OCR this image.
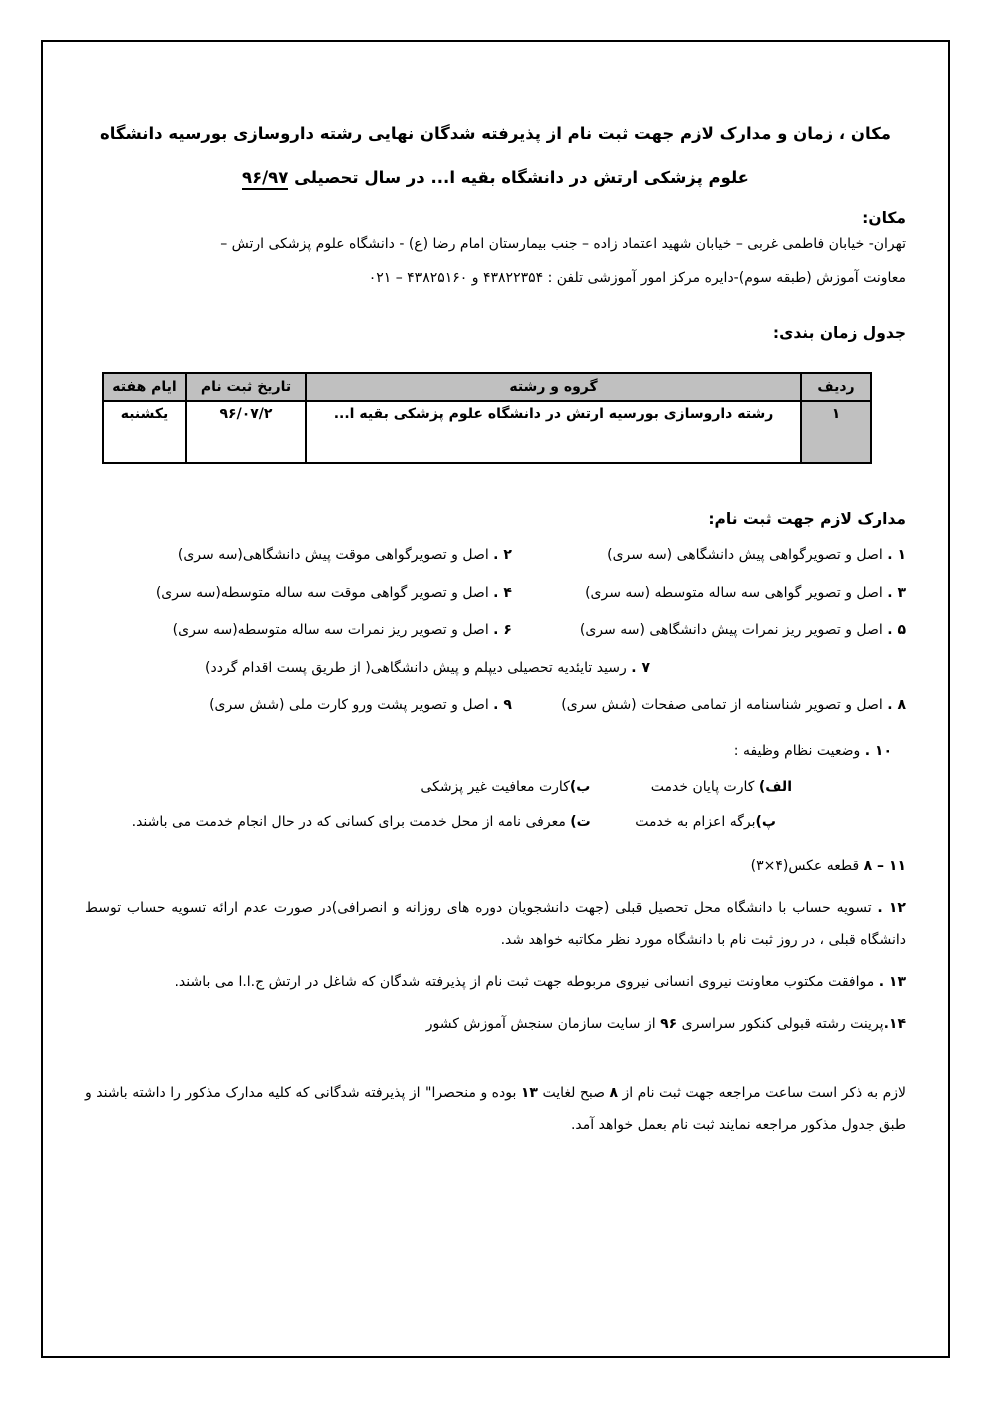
مکان ، زمان و مدارک لازم جهت ثبت نام از پذیرفته شدگان نهایی رشته داروسازی بورسیه دانشگاه
علوم پزشکی ارتش در دانشگاه بقیه ا... در سال تحصیلی ۹۶/۹۷
مکان:
تهران- خیابان فاطمی غربی – خیابان شهید اعتماد زاده – جنب بیمارستان امام رضا (ع) - دانشگاه علوم پزشکی ارتش –
معاونت آموزش (طبقه سوم)-دایره مرکز امور آموزشی تلفن : ۴۳۸۲۲۳۵۴ و ۴۳۸۲۵۱۶۰ – ۰۲۱
جدول زمان بندی:
ردیف	گروه و رشته	تاریخ ثبت نام	ایام هفته
۱	رشته داروسازی بورسیه ارتش در دانشگاه علوم پزشکی بقیه ا...	۹۶/۰۷/۲	یکشنبه
مدارک لازم جهت ثبت نام:
۱ . اصل و تصویرگواهی پیش دانشگاهی (سه سری)
۲ . اصل و تصویرگواهی موقت پیش دانشگاهی(سه سری)
۳ . اصل و تصویر گواهی سه ساله متوسطه (سه سری)
۴ . اصل و تصویر گواهی موقت سه ساله متوسطه(سه سری)
۵ . اصل و تصویر ریز نمرات پیش دانشگاهی (سه سری)
۶ . اصل و تصویر ریز نمرات سه ساله متوسطه(سه سری)
۷ . رسید تایئدیه تحصیلی دیپلم و پیش دانشگاهی( از طریق پست اقدام گردد)
۸ . اصل و تصویر شناسنامه از تمامی صفحات (شش سری)
۹ . اصل و تصویر پشت ورو کارت ملی (شش سری)
۱۰ . وضعیت نظام وظیفه :
الف) کارت پایان خدمت ب)کارت معافیت غیر پزشکی
پ)برگه اعزام به خدمت ت) معرفی نامه از محل خدمت برای کسانی که در حال انجام خدمت می باشند.
۱۱ – ۸ قطعه عکس(۴×۳)
۱۲ . تسویه حساب با دانشگاه محل تحصیل قبلی (جهت دانشجویان دوره های روزانه و انصرافی)در صورت عدم ارائه تسویه حساب توسط دانشگاه قبلی ، در روز ثبت نام با دانشگاه مورد نظر مکاتبه خواهد شد.
۱۳ . موافقت مکتوب معاونت نیروی انسانی نیروی مربوطه جهت ثبت نام از پذیرفته شدگان که شاغل در ارتش ج.ا.ا می باشند.
۱۴.پرینت رشته قبولی کنکور سراسری ۹۶ از سایت سازمان سنجش آموزش کشور
لازم به ذکر است ساعت مراجعه جهت ثبت نام از ۸ صبح لغایت ۱۳ بوده و منحصرا" از پذیرفته شدگانی که کلیه مدارک مذکور را داشته باشند و طبق جدول مذکور مراجعه نمایند ثبت نام بعمل خواهد آمد.
